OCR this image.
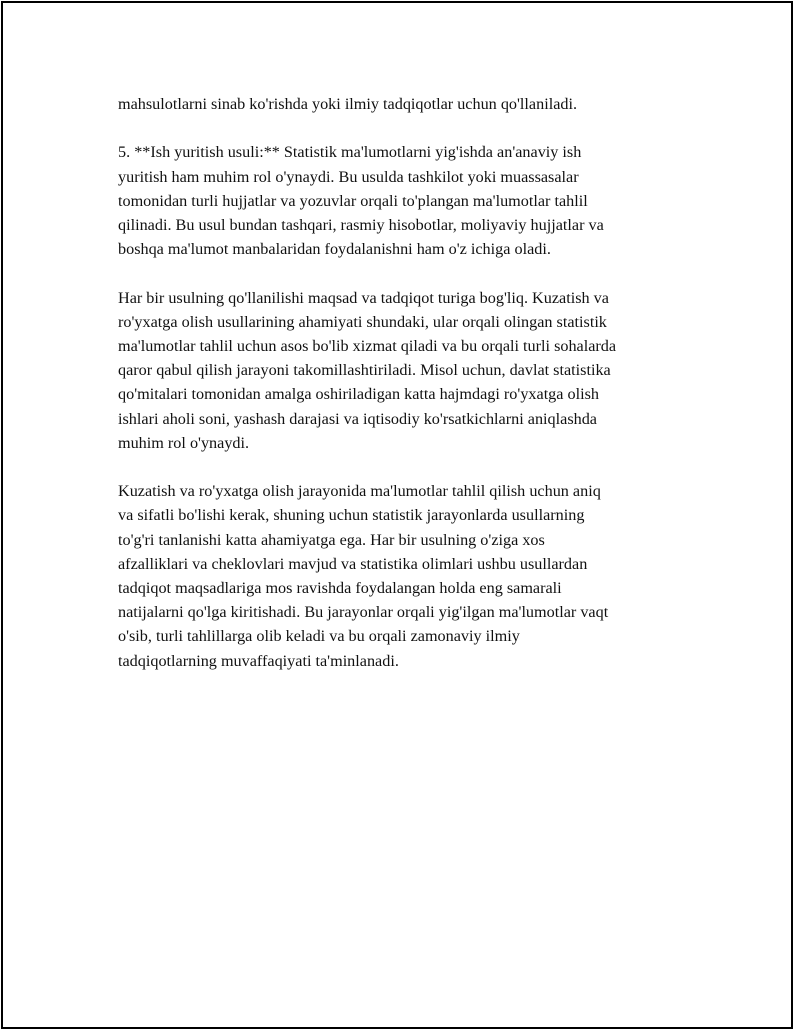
mahsulotlarni sinab ko'rishda yoki ilmiy tadqiqotlar uchun qo'llaniladi.

5. **Ish yuritish usuli:** Statistik ma'lumotlarni yig'ishda an'anaviy ish
yuritish ham muhim rol o'ynaydi. Bu usulda tashkilot yoki muassasalar
tomonidan turli hujjatlar va yozuvlar orqali to'plangan ma'lumotlar tahlil
qilinadi. Bu usul bundan tashqari, rasmiy hisobotlar, moliyaviy hujjatlar va
boshqa ma'lumot manbalaridan foydalanishni ham o'z ichiga oladi.

Har bir usulning qo'llanilishi maqsad va tadqiqot turiga bog'liq. Kuzatish va
ro'yxatga olish usullarining ahamiyati shundaki, ular orqali olingan statistik
ma'lumotlar tahlil uchun asos bo'lib xizmat qiladi va bu orqali turli sohalarda
qaror qabul qilish jarayoni takomillashtiriladi. Misol uchun, davlat statistika
qo'mitalari tomonidan amalga oshiriladigan katta hajmdagi ro'yxatga olish
ishlari aholi soni, yashash darajasi va iqtisodiy ko'rsatkichlarni aniqlashda
muhim rol o'ynaydi.

Kuzatish va ro'yxatga olish jarayonida ma'lumotlar tahlil qilish uchun aniq
va sifatli bo'lishi kerak, shuning uchun statistik jarayonlarda usullarning
to'g'ri tanlanishi katta ahamiyatga ega. Har bir usulning o'ziga xos
afzalliklari va cheklovlari mavjud va statistika olimlari ushbu usullardan
tadqiqot maqsadlariga mos ravishda foydalangan holda eng samarali
natijalarni qo'lga kiritishadi. Bu jarayonlar orqali yig'ilgan ma'lumotlar vaqt
o'sib, turli tahlillarga olib keladi va bu orqali zamonaviy ilmiy
tadqiqotlarning muvaffaqiyati ta'minlanadi.
